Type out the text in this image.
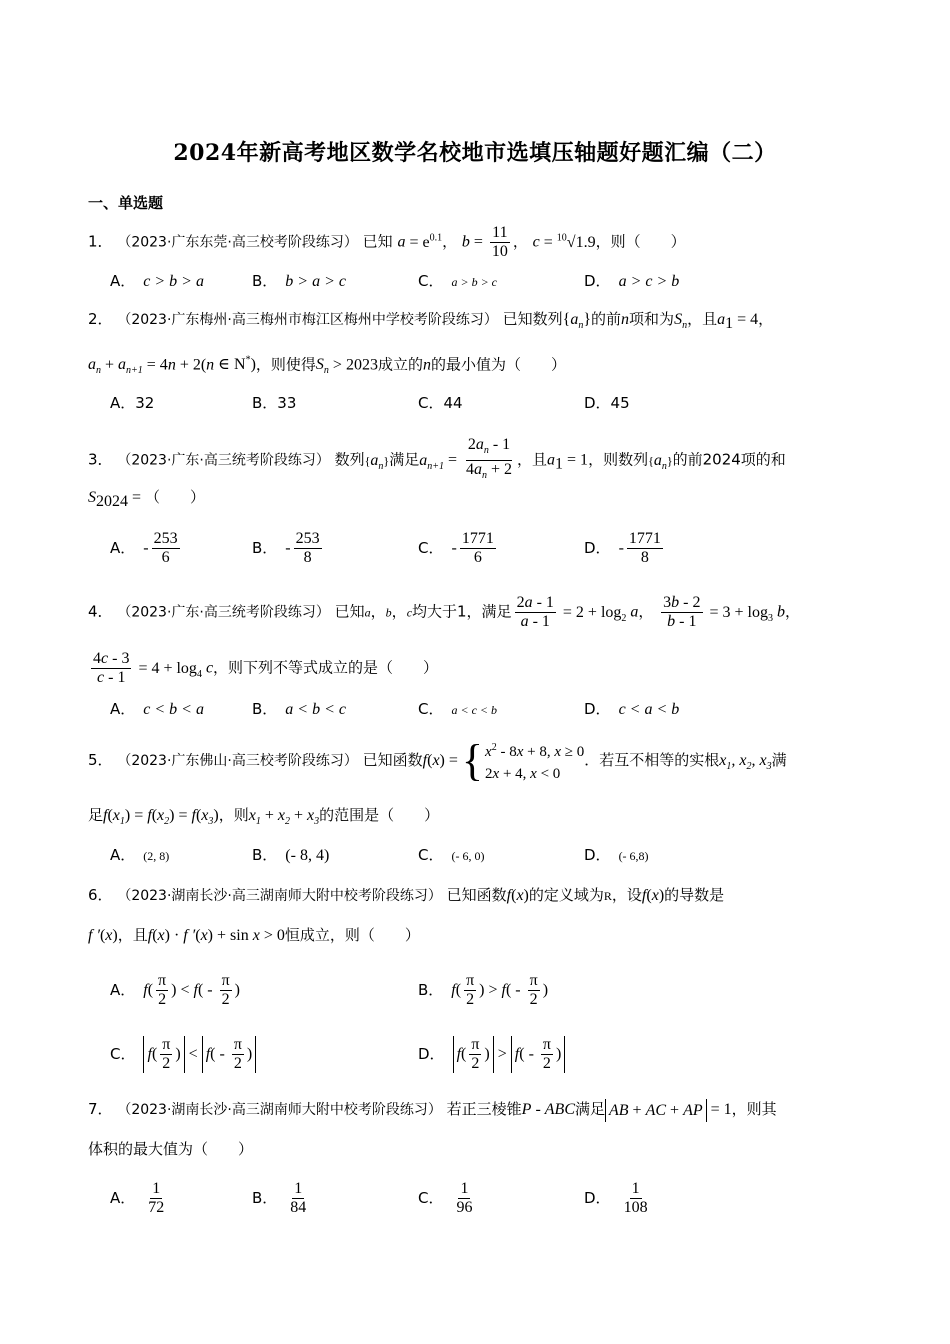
2024年新高考地区数学名校地市选填压轴题好题汇编（二）
一、单选题
1． （2023·广东东莞·高三校考阶段练习） 已知 $a = e^{0.1}$， $b = \frac{11}{10}$ ， c = $^{10}$√1.9，则（　　）
A． c > b > a	B． b > a > c	C． a > b > c	D． a > c > b
2． （2023·广东梅州·高三梅州市梅江区梅州中学校考阶段练习） 已知数列$\{a_n\}$的前n项和为$S_n$，且$a_1 = 4$，
$a_n + a_{n+1} = 4n + 2(n$ ∈ N*)，则使得$S_n > 2023$成立的n的最小值为（　　）
A．32	B．33	C．44	D．45
3． （2023·广东·高三统考阶段练习） 数列$\{a_n\}$满足$a_{n+1} = \frac{2a_n - 1}{4a_n + 2}$ ，且$a_1 = 1$，则数列$\{a_n\}$的前2024项的和
$S_{2024}$ = （　　）
A． - $\frac{253}{6}$	B． - $\frac{253}{8}$	C． - $\frac{1771}{6}$	D． - $\frac{1771}{8}$
4． （2023·广东·高三统考阶段练习） 已知a，b，c均大于1，满足 $\frac{2a - 1}{a - 1} = 2 + \log_2 a$， $\frac{3b - 2}{b - 1} = 3 + \log_3 b$，
$\frac{4c - 3}{c - 1} = 4 + \log_4 c$，则下列不等式成立的是（　　）
A． c < b < a	B． a < b < c	C． a < c < b	D． c < a < b
5． （2023·广东佛山·高三校考阶段练习） 已知函数f(x) = { $x^2 - 8x + 8$, x ≥ 0
2x + 4, x < 0
．若互不相等的实根$x_1$, $x_2$, $x_3$满
足$f(x_1) = f(x_2) = f(x_3)$，则$x_1 + x_2 + x_3$的范围是（　　）
A． (2, 8)	B． (- 8, 4)	C． (- 6, 0)	D． (- 6,8)
6． （2023·湖南长沙·高三湖南师大附中校考阶段练习） 已知函数f(x)的定义域为R，设f(x)的导数是
f ′(x)，且f(x) · f ′(x) + sin x > 0恒成立，则（　　）
A． $f( \frac{\pi}{2}$ ) < $f( - \frac{\pi}{2}$ )	B． $f( \frac{\pi}{2}$ ) > $f( - \frac{\pi}{2}$ )
C． $f( \frac{\pi}{2}$ ) < $f( - \frac{\pi}{2}$ )	D． $f( \frac{\pi}{2}$ ) > $f( - \frac{\pi}{2}$ )
7． （2023·湖南长沙·高三湖南师大附中校考阶段练习） 若正三棱锥P - ABC满足 AB + AC + AP = 1，则其
体积的最大值为（　　）
A． $\frac{1}{72}$	B． $\frac{1}{84}$	C． $\frac{1}{96}$	D． $\frac{1}{108}$
